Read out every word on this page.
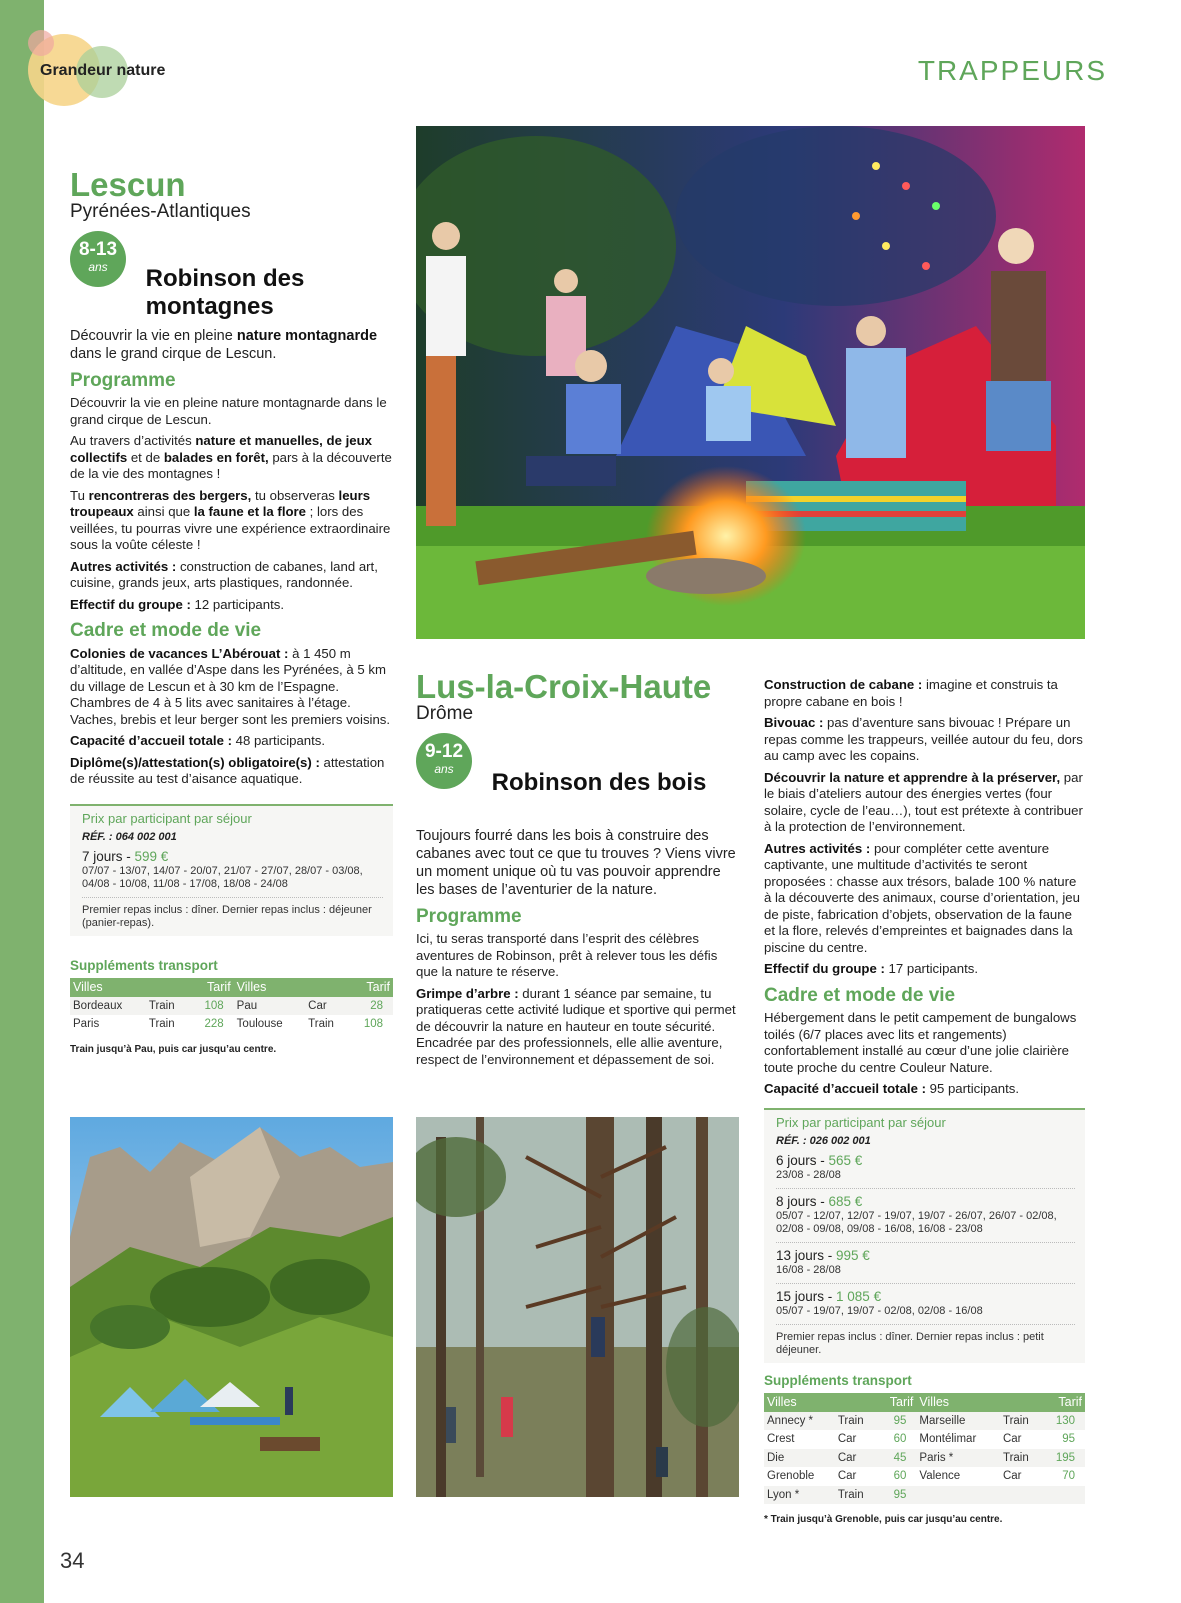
34
Grandeur nature	TRAPPEURS
Lescun
Pyrénées-Atlantiques
8-13
ans	Robinson des montagnes

Découvrir la vie en pleine nature montagnarde dans le grand cirque de Lescun.

Programme

Découvrir la vie en pleine nature montagnarde dans le grand cirque de Lescun.

Au travers d’activités nature et manuelles, de jeux collectifs et de balades en forêt, pars à la découverte de la vie des montagnes !

Tu rencontreras des bergers, tu observeras leurs troupeaux ainsi que la faune et la flore ; lors des veillées, tu pourras vivre une expérience extraordinaire sous la voûte céleste !

Autres activités : construction de cabanes, land art, cuisine, grands jeux, arts plastiques, randonnée.

Effectif du groupe : 12 participants.

Cadre et mode de vie

Colonies de vacances L’Abérouat : à 1 450 m d’altitude, en vallée d’Aspe dans les Pyrénées, à 5 km du village de Lescun et à 30 km de l’Espagne. Chambres de 4 à 5 lits avec sanitaires à l’étage. Vaches, brebis et leur berger sont les premiers voisins.

Capacité d’accueil totale : 48 participants.

Diplôme(s)/attestation(s) obligatoire(s) : attestation de réussite au test d’aisance aquatique.

Prix par participant par séjour
RÉF. : 064 002 001
7 jours - 599 €
07/07 - 13/07, 14/07 - 20/07, 21/07 - 27/07, 28/07 - 03/08, 04/08 - 10/08, 11/08 - 17/08, 18/08 - 24/08
Premier repas inclus : dîner. Dernier repas inclus : déjeuner (panier-repas).
Suppléments transport
Villes		Tarif	Villes		Tarif
Bordeaux	Train	108	Pau	Car	28
Paris	Train	228	Toulouse	Train	108
Train jusqu’à Pau, puis car jusqu’au centre.
Lus-la-Croix-Haute
Drôme
9-12
ans	Robinson des bois

Toujours fourré dans les bois à construire des cabanes avec tout ce que tu trouves ? Viens vivre un moment unique où tu vas pouvoir apprendre les bases de l’aventurier de la nature.

Programme

Ici, tu seras transporté dans l’esprit des célèbres aventures de Robinson, prêt à relever tous les défis que la nature te réserve.

Grimpe d’arbre : durant 1 séance par semaine, tu pratiqueras cette activité ludique et sportive qui permet de découvrir la nature en hauteur en toute sécurité. Encadrée par des professionnels, elle allie aventure, respect de l’environnement et dépassement de soi.

Construction de cabane : imagine et construis ta propre cabane en bois !

Bivouac : pas d’aventure sans bivouac ! Prépare un repas comme les trappeurs, veillée autour du feu, dors au camp avec les copains.

Découvrir la nature et apprendre à la préserver, par le biais d’ateliers autour des énergies vertes (four solaire, cycle de l’eau…), tout est prétexte à contribuer à la protection de l’environnement.

Autres activités : pour compléter cette aventure captivante, une multitude d’activités te seront proposées : chasse aux trésors, balade 100 % nature à la découverte des animaux, course d’orientation, jeu de piste, fabrication d’objets, observation de la faune et la flore, relevés d’empreintes et baignades dans la piscine du centre.

Effectif du groupe : 17 participants.

Cadre et mode de vie

Hébergement dans le petit campement de bungalows toilés (6/7 places avec lits et rangements) confortablement installé au cœur d’une jolie clairière toute proche du centre Couleur Nature.

Capacité d’accueil totale : 95 participants.

Prix par participant par séjour
RÉF. : 026 002 001
6 jours - 565 €
23/08 - 28/08
8 jours - 685 €
05/07 - 12/07, 12/07 - 19/07, 19/07 - 26/07, 26/07 - 02/08, 02/08 - 09/08, 09/08 - 16/08, 16/08 - 23/08
13 jours - 995 €
16/08 - 28/08
15 jours - 1 085 €
05/07 - 19/07, 19/07 - 02/08, 02/08 - 16/08
Premier repas inclus : dîner. Dernier repas inclus : petit déjeuner.
Suppléments transport
Villes		Tarif	Villes		Tarif
Annecy *	Train	95	Marseille	Train	130
Crest	Car	60	Montélimar	Car	95
Die	Car	45	Paris *	Train	195
Grenoble	Car	60	Valence	Car	70
Lyon *	Train	95			
* Train jusqu’à Grenoble, puis car jusqu’au centre.
